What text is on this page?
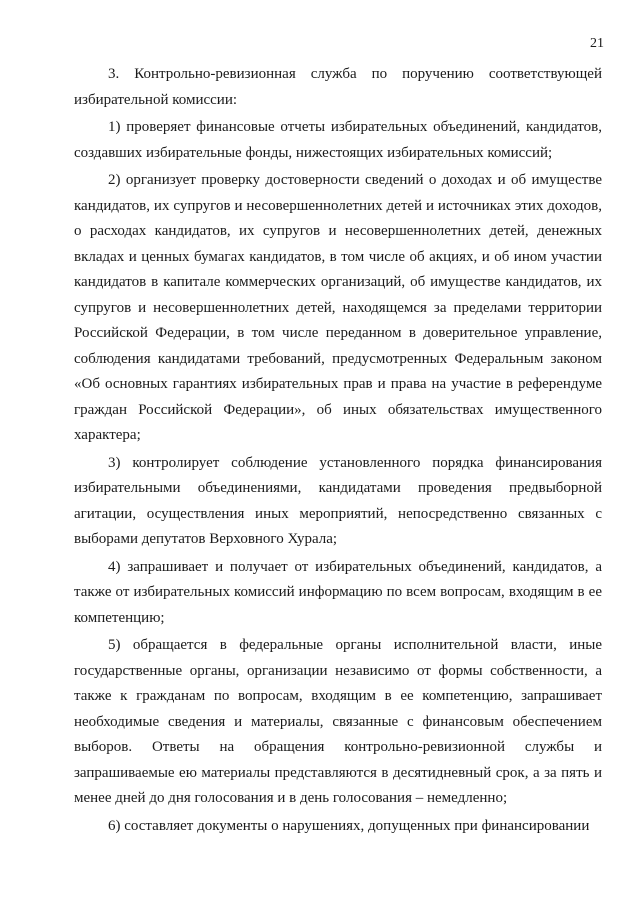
21

3. Контрольно-ревизионная служба по поручению соответствующей избирательной комиссии:

1) проверяет финансовые отчеты избирательных объединений, кандидатов, создавших избирательные фонды, нижестоящих избирательных комиссий;

2) организует проверку достоверности сведений о доходах и об имуществе кандидатов, их супругов и несовершеннолетних детей и источниках этих доходов, о расходах кандидатов, их супругов и несовершеннолетних детей, денежных вкладах и ценных бумагах кандидатов, в том числе об акциях, и об ином участии кандидатов в капитале коммерческих организаций, об имуществе кандидатов, их супругов и несовершеннолетних детей, находящемся за пределами территории Российской Федерации, в том числе переданном в доверительное управление, соблюдения кандидатами требований, предусмотренных Федеральным законом «Об основных гарантиях избирательных прав и права на участие в референдуме граждан Российской Федерации», об иных обязательствах имущественного характера;

3) контролирует соблюдение установленного порядка финансирования избирательными объединениями, кандидатами проведения предвыборной агитации, осуществления иных мероприятий, непосредственно связанных с выборами депутатов Верховного Хурала;

4) запрашивает и получает от избирательных объединений, кандидатов, а также от избирательных комиссий информацию по всем вопросам, входящим в ее компетенцию;

5) обращается в федеральные органы исполнительной власти, иные государственные органы, организации независимо от формы собственности, а также к гражданам по вопросам, входящим в ее компетенцию, запрашивает необходимые сведения и материалы, связанные с финансовым обеспечением выборов. Ответы на обращения контрольно-ревизионной службы и запрашиваемые ею материалы представляются в десятидневный срок, а за пять и менее дней до дня голосования и в день голосования – немедленно;

6) составляет документы о нарушениях, допущенных при финансировании
